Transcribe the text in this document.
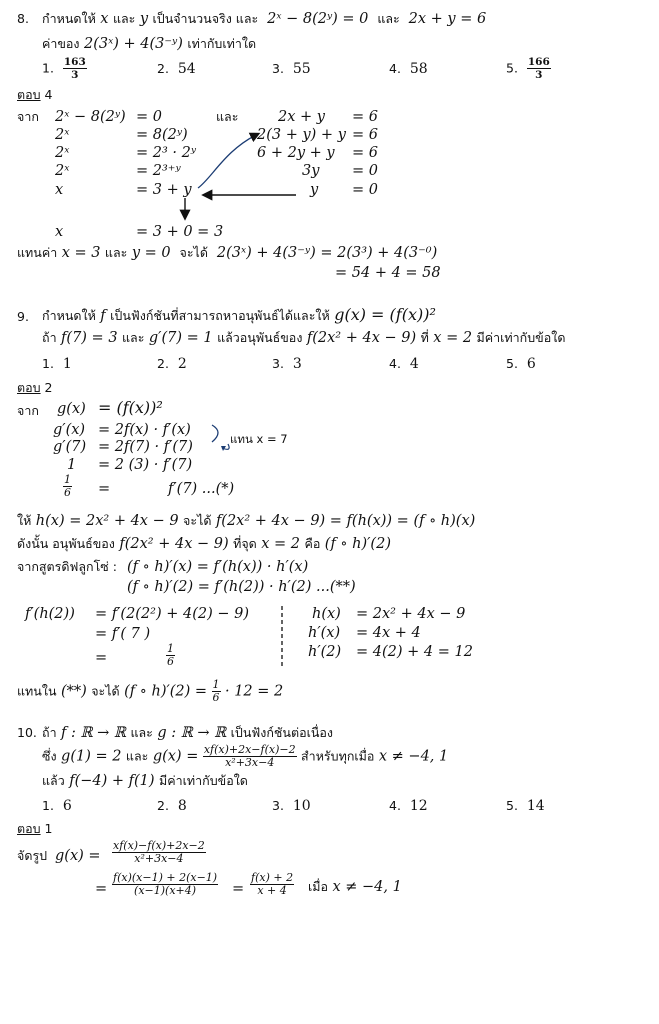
8. กำหนดให้ x และ y เป็นจำนวนจริง และ 2ˣ − 8(2ʸ) = 0 และ 2x + y = 6
ค่าของ 2(3ˣ) + 4(3⁻ʸ) เท่ากับเท่าใด
1. $\frac{163}{3}$	2. 54	3. 55	4. 58	5. $\frac{166}{3}$
ตอบ 4
จาก 2ˣ − 8(2ʸ) = 0
2ˣ	= 8(2ʸ)
2ˣ	= 2³ · 2ʸ
2ˣ	= 2³⁺ʸ
x	= 3 + y
และ	2x + y = 6
2(3 + y) + y = 6
6 + 2y + y = 6
3y = 0
y = 0
x	= 3 + 0 = 3
แทนค่า x = 3 และ y = 0 จะได้ 2(3ˣ) + 4(3⁻ʸ) = 2(3³) + 4(3⁻⁰)
= 54 + 4 = 58
9. กำหนดให้ f เป็นฟังก์ชันที่สามารถหาอนุพันธ์ได้และให้ g(x) = (f(x))²
ถ้า f(7) = 3 และ g′(7) = 1 แล้วอนุพันธ์ของ f(2x² + 4x − 9) ที่ x = 2 มีค่าเท่ากับข้อใด
1. 1	2. 2	3. 3	4. 4	5. 6
ตอบ 2
จาก g(x) = (f(x))²
g′(x) = 2f(x) · f′(x)
g′(7) = 2f(7) · f′(7)
1 = 2 (3) · f′(7)
แทน x = 7
$\frac{1}{6}$ =	f′(7) ...(*)
ให้ h(x) = 2x² + 4x − 9 จะได้ f(2x² + 4x − 9) = f(h(x)) = (f ∘ h)(x)
ดังนั้น อนุพันธ์ของ f(2x² + 4x − 9) ที่จุด x = 2 คือ (f ∘ h)′(2)
จากสูตรดิฟลูกโซ่ : (f ∘ h)′(x) = f′(h(x)) · h′(x)
(f ∘ h)′(2) = f′(h(2)) · h′(2) ...(**)
f′(h(2)) = f′(2(2²) + 4(2) − 9)
= f′( 7 )
=	$\frac{1}{6}$
h(x) = 2x² + 4x − 9
h′(x) = 4x + 4
h′(2) = 4(2) + 4 = 12
แทนใน (**) จะได้ (f ∘ $h)'(2) = \frac{1}{6} \cdot 12 = 2$
10. ถ้า f : ℝ → ℝ และ g : ℝ → ℝ เป็นฟังก์ชันต่อเนื่อง
ซึ่ง g(1) = 2 และ $g(x) = \frac{xf(x)+2x-f(x)-2}{\text{x²+3x−4}}$ สำหรับทุกเมื่อ x ≠ −4, 1
แล้ว f(−4) + f(1) มีค่าเท่ากับข้อใด
1. 6	2. 8	3. 10	4. 12	5. 14
ตอบ 1
จัดรูป $g(x) = \frac{xf(x)-f(x)+2x-2}{\text{x²+3x−4}}$
= $\frac{f(x)(x-1) + 2(x-1)}{(x-1)(x+4)} = \frac{f(x) + 2}{x + 4}$ เมื่อ x ≠ −4, 1
